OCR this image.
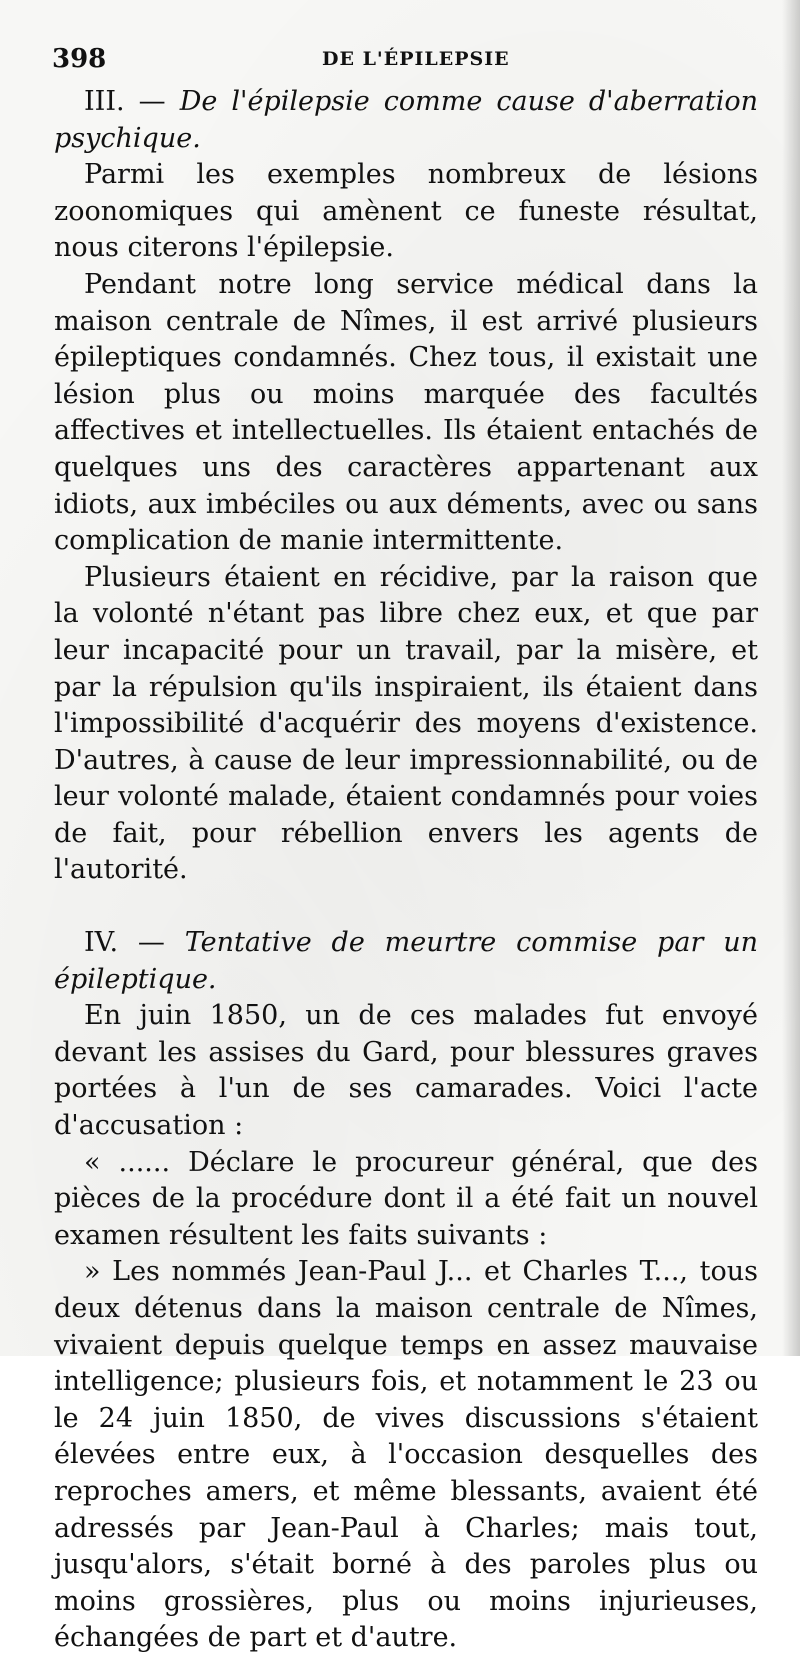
398	DE L'ÉPILEPSIE

III. — De l'épilepsie comme cause d'aberration psychique.

Parmi les exemples nombreux de lésions zoonomiques qui amènent ce funeste résultat, nous citerons l'épilepsie.

Pendant notre long service médical dans la maison centrale de Nîmes, il est arrivé plusieurs épileptiques condamnés. Chez tous, il existait une lésion plus ou moins marquée des facultés affectives et intellectuelles. Ils étaient entachés de quelques uns des caractères appartenant aux idiots, aux imbéciles ou aux déments, avec ou sans complication de manie intermittente.

Plusieurs étaient en récidive, par la raison que la volonté n'étant pas libre chez eux, et que par leur incapacité pour un travail, par la misère, et par la répulsion qu'ils inspiraient, ils étaient dans l'impossibilité d'acquérir des moyens d'existence. D'autres, à cause de leur impressionnabilité, ou de leur volonté malade, étaient condamnés pour voies de fait, pour rébellion envers les agents de l'autorité.

IV. — Tentative de meurtre commise par un épileptique.

En juin 1850, un de ces malades fut envoyé devant les assises du Gard, pour blessures graves portées à l'un de ses camarades. Voici l'acte d'accusation :

« ...... Déclare le procureur général, que des pièces de la procédure dont il a été fait un nouvel examen résultent les faits suivants :

» Les nommés Jean-Paul J... et Charles T..., tous deux détenus dans la maison centrale de Nîmes, vivaient depuis quelque temps en assez mauvaise intelligence; plusieurs fois, et notamment le 23 ou le 24 juin 1850, de vives discussions s'étaient élevées entre eux, à l'occasion desquelles des reproches amers, et même blessants, avaient été adressés par Jean-Paul à Charles; mais tout, jusqu'alors, s'était borné à des paroles plus ou moins grossières, plus ou moins injurieuses, échangées de part et d'autre.
